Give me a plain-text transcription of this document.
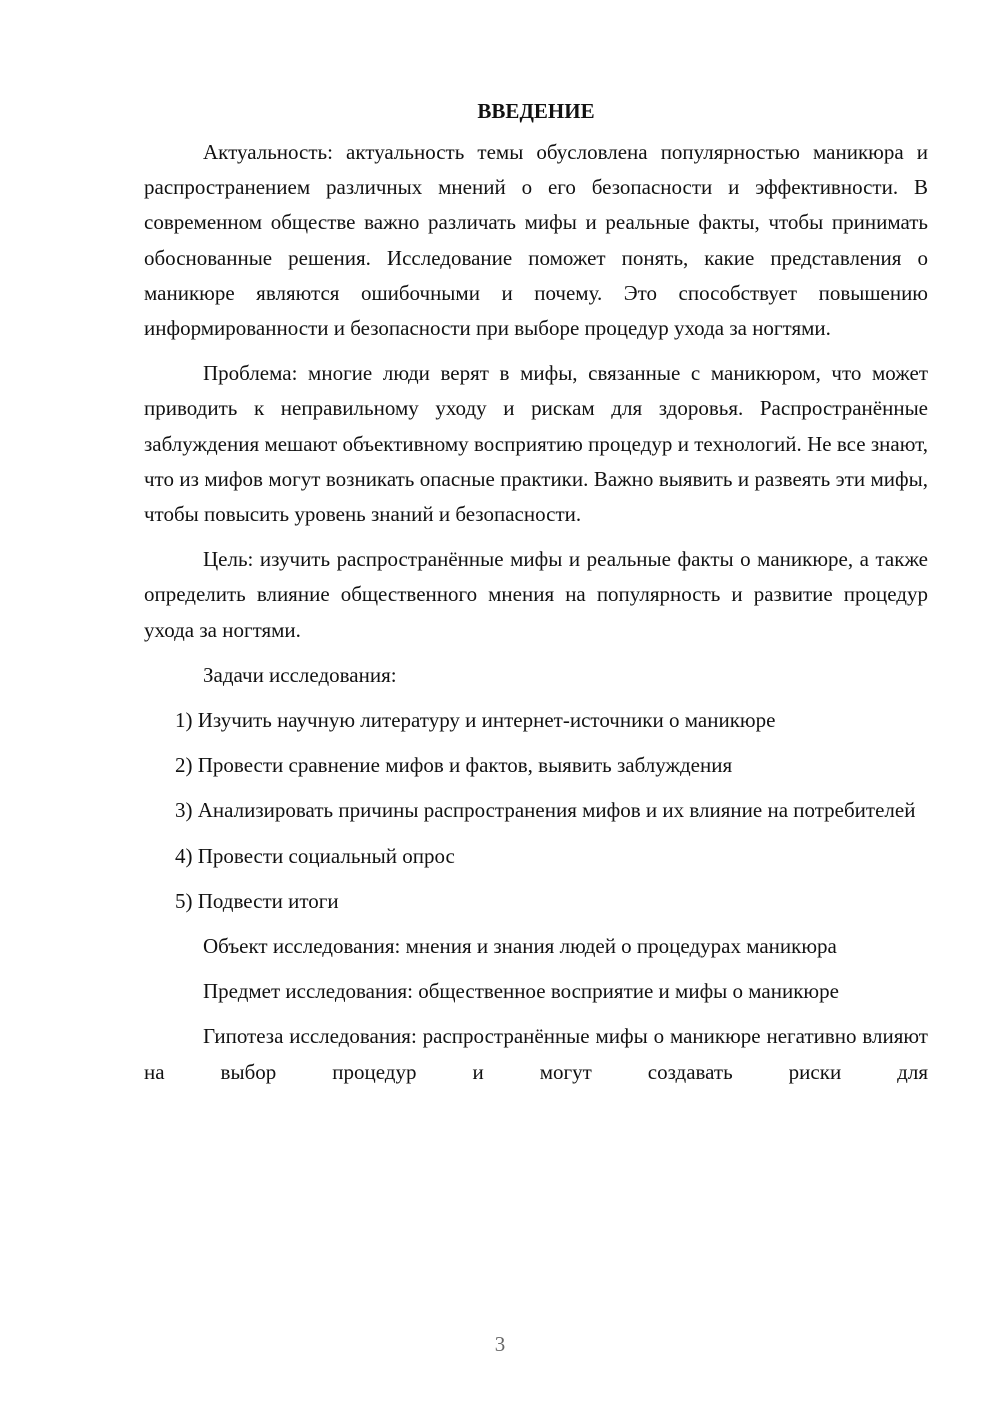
ВВЕДЕНИЕ

Актуальность: актуальность темы обусловлена популярностью маникюра и распространением различных мнений о его безопасности и эффективности. В современном обществе важно различать мифы и реальные факты, чтобы принимать обоснованные решения. Исследование поможет понять, какие представления о маникюре являются ошибочными и почему. Это способствует повышению информированности и безопасности при выборе процедур ухода за ногтями.

Проблема: многие люди верят в мифы, связанные с маникюром, что может приводить к неправильному уходу и рискам для здоровья. Распространённые заблуждения мешают объективному восприятию процедур и технологий. Не все знают, что из мифов могут возникать опасные практики. Важно выявить и развеять эти мифы, чтобы повысить уровень знаний и безопасности.

Цель: изучить распространённые мифы и реальные факты о маникюре, а также определить влияние общественного мнения на популярность и развитие процедур ухода за ногтями.

Задачи исследования:

1) Изучить научную литературу и интернет-источники о маникюре

2) Провести сравнение мифов и фактов, выявить заблуждения

3) Анализировать причины распространения мифов и их влияние на потребителей

4) Провести социальный опрос

5) Подвести итоги

Объект исследования: мнения и знания людей о процедурах маникюра

Предмет исследования: общественное восприятие и мифы о маникюре

Гипотеза исследования: распространённые мифы о маникюре негативно влияют на выбор процедур и могут создавать риски для

3
